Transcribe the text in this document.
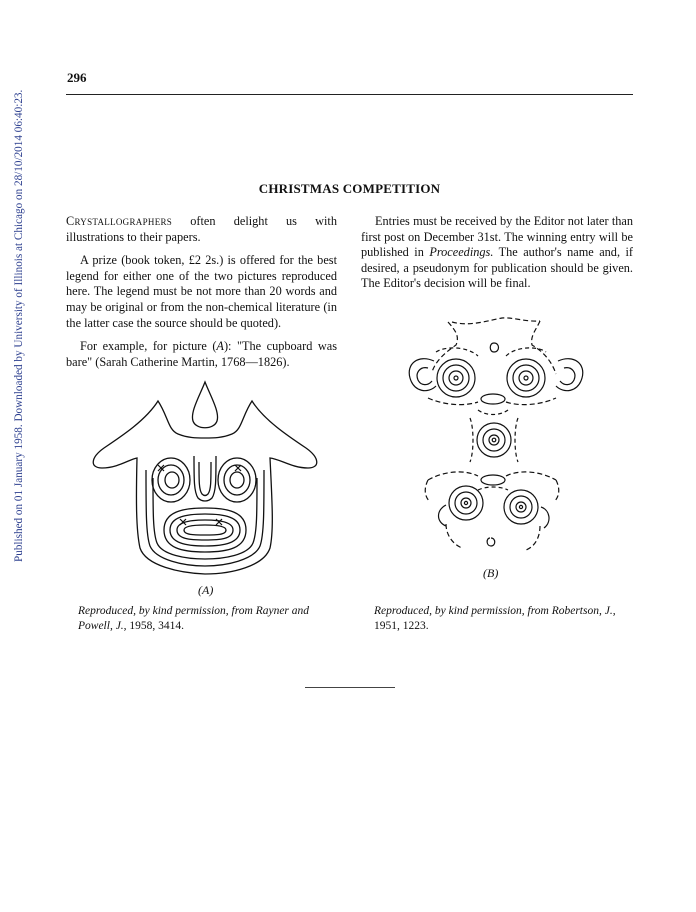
Published on 01 January 1958. Downloaded by University of Illinois at Chicago on 28/10/2014 06:40:23.
296
CHRISTMAS COMPETITION

Crystallographers often delight us with illustrations to their papers.

A prize (book token, £2 2s.) is offered for the best legend for either one of the two pictures reproduced here. The legend must be not more than 20 words and may be original or from the non-chemical literature (in the latter case the source should be quoted).

For example, for picture (A): "The cupboard was bare" (Sarah Catherine Martin, 1768—1826).

Entries must be received by the Editor not later than first post on December 31st. The winning entry will be published in Proceedings. The author's name and, if desired, a pseudonym for publication should be given. The Editor's decision will be final.

(A)
Reproduced, by kind permission, from Rayner and Powell, J., 1958, 3414.
(B)
Reproduced, by kind permission, from Robertson, J., 1951, 1223.
